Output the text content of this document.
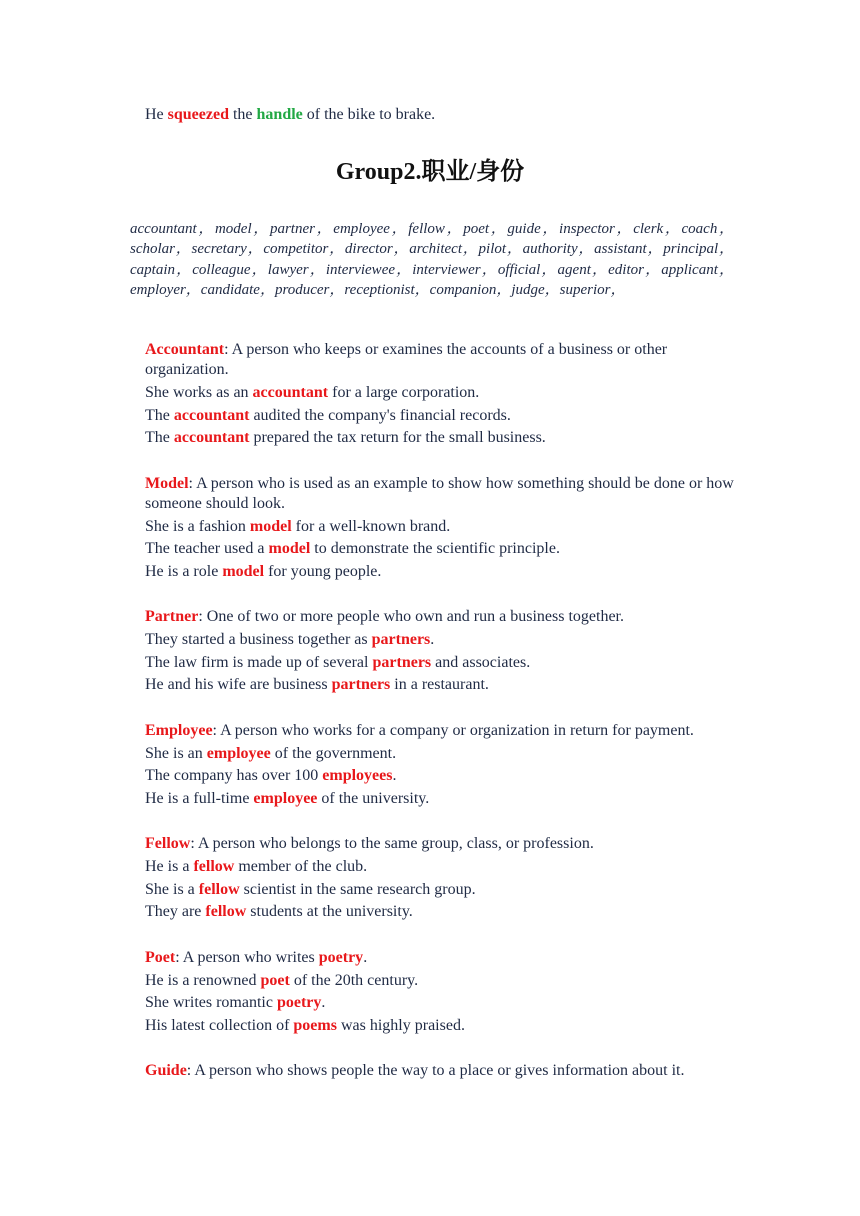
He squeezed the handle of the bike to brake.
Group2.职业/身份
accountant，model，partner，employee，fellow，poet，guide，inspector，clerk，coach，scholar，secretary，competitor，director，architect，pilot，authority，assistant，principal，captain，colleague，lawyer，interviewee，interviewer，official，agent，editor，applicant，employer，candidate，producer，receptionist，companion，judge，superior，

Accountant: A person who keeps or examines the accounts of a business or other organization.

She works as an accountant for a large corporation.

The accountant audited the company's financial records.

The accountant prepared the tax return for the small business.

Model: A person who is used as an example to show how something should be done or how someone should look.

She is a fashion model for a well-known brand.

The teacher used a model to demonstrate the scientific principle.

He is a role model for young people.

Partner: One of two or more people who own and run a business together.

They started a business together as partners.

The law firm is made up of several partners and associates.

He and his wife are business partners in a restaurant.

Employee: A person who works for a company or organization in return for payment.

She is an employee of the government.

The company has over 100 employees.

He is a full-time employee of the university.

Fellow: A person who belongs to the same group, class, or profession.

He is a fellow member of the club.

She is a fellow scientist in the same research group.

They are fellow students at the university.

Poet: A person who writes poetry.

He is a renowned poet of the 20th century.

She writes romantic poetry.

His latest collection of poems was highly praised.

Guide: A person who shows people the way to a place or gives information about it.
